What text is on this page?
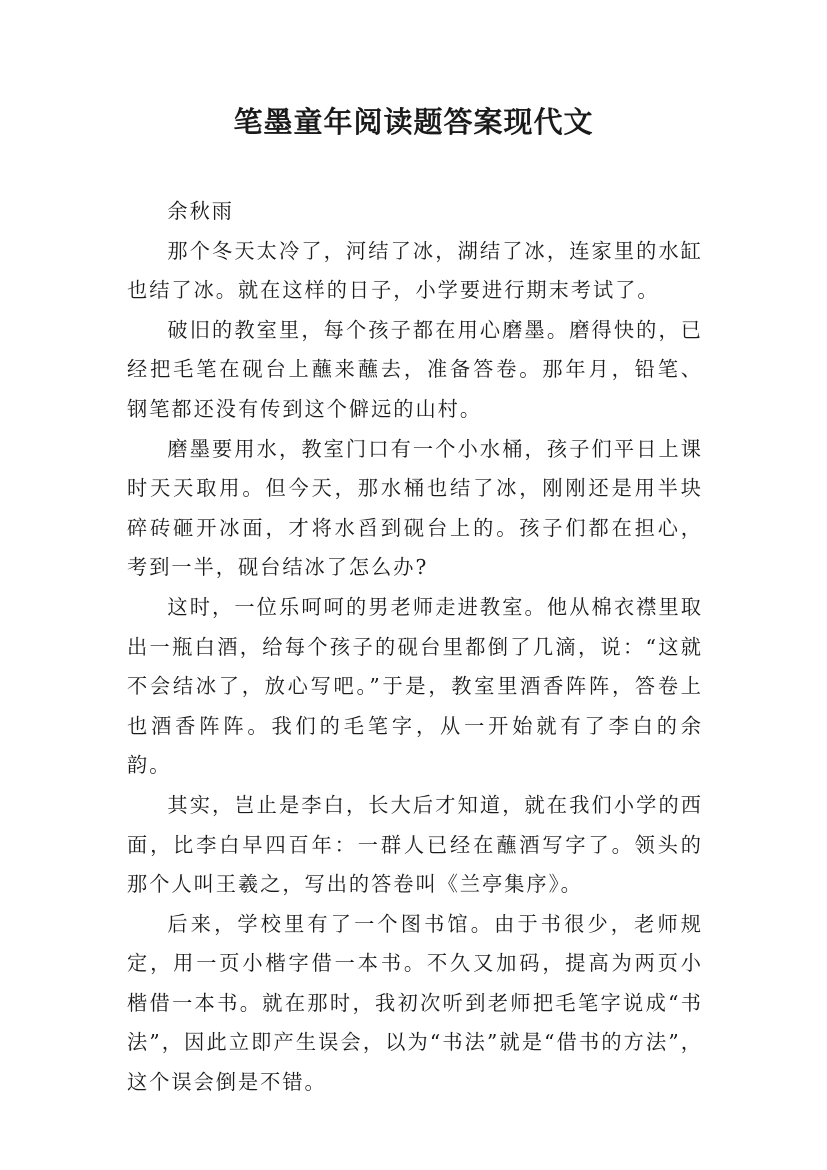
笔墨童年阅读题答案现代文

余秋雨

那个冬天太冷了，河结了冰，湖结了冰，连家里的水缸也结了冰。就在这样的日子，小学要进行期末考试了。

破旧的教室里，每个孩子都在用心磨墨。磨得快的，已经把毛笔在砚台上蘸来蘸去，准备答卷。那年月，铅笔、钢笔都还没有传到这个僻远的山村。

磨墨要用水，教室门口有一个小水桶，孩子们平日上课时天天取用。但今天，那水桶也结了冰，刚刚还是用半块碎砖砸开冰面，才将水舀到砚台上的。孩子们都在担心，考到一半，砚台结冰了怎么办?

这时，一位乐呵呵的男老师走进教室。他从棉衣襟里取出一瓶白酒，给每个孩子的砚台里都倒了几滴，说：“这就不会结冰了，放心写吧。”于是，教室里酒香阵阵，答卷上也酒香阵阵。我们的毛笔字，从一开始就有了李白的余韵。

其实，岂止是李白，长大后才知道，就在我们小学的西面，比李白早四百年：一群人已经在蘸酒写字了。领头的那个人叫王羲之，写出的答卷叫《兰亭集序》。

后来，学校里有了一个图书馆。由于书很少，老师规定，用一页小楷字借一本书。不久又加码，提高为两页小楷借一本书。就在那时，我初次听到老师把毛笔字说成“书法”，因此立即产生误会，以为“书法”就是“借书的方法”，这个误会倒是不错。
